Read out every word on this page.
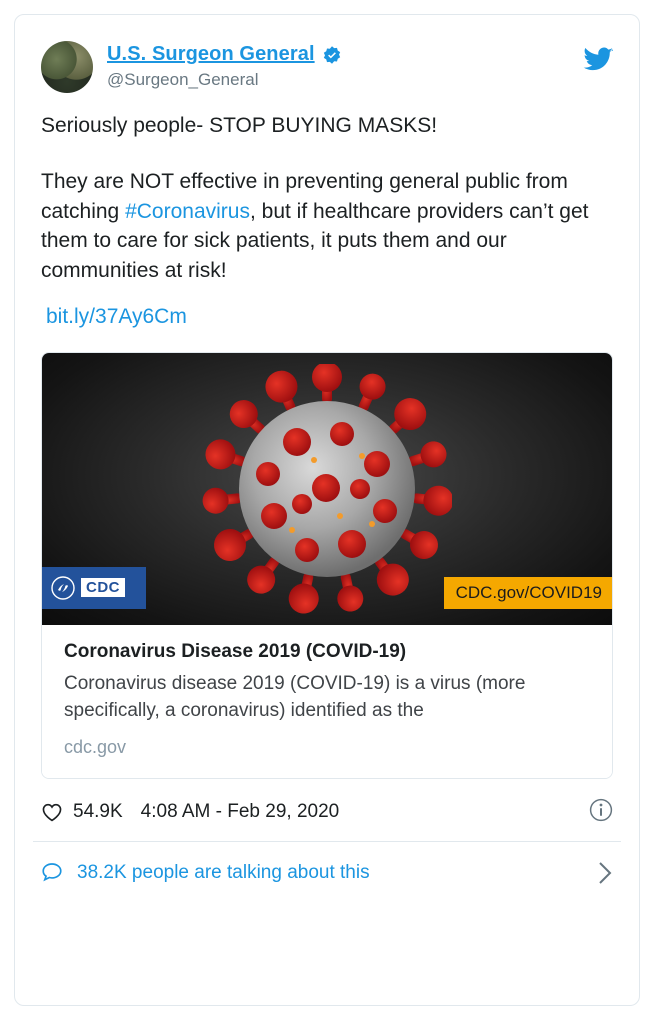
U.S. Surgeon General
@Surgeon_General

Seriously people- STOP BUYING MASKS!

They are NOT effective in preventing general public from catching #Coronavirus, but if healthcare providers can’t get them to care for sick patients, it puts them and our communities at risk!

bit.ly/37Ay6Cm
CDC	CDC.gov/COVID19
Coronavirus Disease 2019 (COVID-19)
Coronavirus disease 2019 (COVID-19) is a virus (more specifically, a coronavirus) identified as the
cdc.gov
54.9K 4:08 AM - Feb 29, 2020
38.2K people are talking about this
